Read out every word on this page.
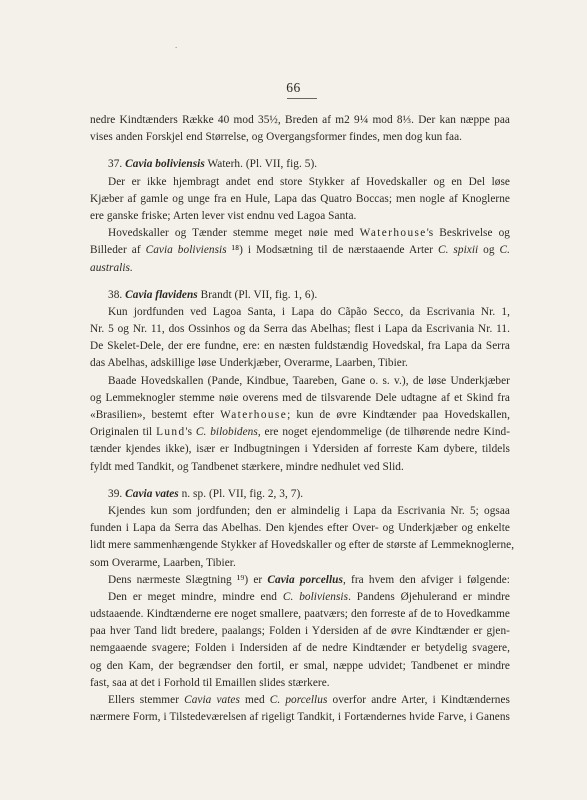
.
66
nedre Kindtænders Række 40 mod 35½, Breden af m2 9¼ mod 8⅓. Der kan næppe paa
vises anden Forskjel end Størrelse, og Overgangsformer findes, men dog kun faa.
37. Cavia boliviensis Waterh. (Pl. VII, fig. 5).
Der er ikke hjembragt andet end store Stykker af Hovedskaller og en Del løse
Kjæber af gamle og unge fra en Hule, Lapa das Quatro Boccas; men nogle af Knoglerne
ere ganske friske; Arten lever vist endnu ved Lagoa Santa.
Hovedskaller og Tænder stemme meget nøie med Waterhouse's Beskrivelse og
Billeder af Cavia boliviensis ¹⁸) i Modsætning til de nærstaaende Arter C. spixii og C.
australis.
38. Cavia flavidens Brandt (Pl. VII, fig. 1, 6).
Kun jordfunden ved Lagoa Santa, i Lapa do Cãpão Secco, da Escrivania Nr. 1,
Nr. 5 og Nr. 11, dos Ossinhos og da Serra das Abelhas; flest i Lapa da Escrivania Nr. 11.
De Skelet-Dele, der ere fundne, ere: en næsten fuldstændig Hovedskal, fra Lapa da Serra
das Abelhas, adskillige løse Underkjæber, Overarme, Laarben, Tibier.
Baade Hovedskallen (Pande, Kindbue, Taareben, Gane o. s. v.), de løse Underkjæber
og Lemmeknogler stemme nøie overens med de tilsvarende Dele udtagne af et Skind fra
«Brasilien», bestemt efter Waterhouse; kun de øvre Kindtænder paa Hovedskallen,
Originalen til Lund's C. bilobidens, ere noget ejendommelige (de tilhørende nedre Kind-
tænder kjendes ikke), især er Indbugtningen i Ydersiden af forreste Kam dybere, tildels
fyldt med Tandkit, og Tandbenet stærkere, mindre nedhulet ved Slid.
39. Cavia vates n. sp. (Pl. VII, fig. 2, 3, 7).
Kjendes kun som jordfunden; den er almindelig i Lapa da Escrivania Nr. 5; ogsaa
funden i Lapa da Serra das Abelhas. Den kjendes efter Over- og Underkjæber og enkelte
lidt mere sammenhængende Stykker af Hovedskaller og efter de største af Lemmeknoglerne,
som Overarme, Laarben, Tibier.
Dens nærmeste Slægtning ¹⁹) er Cavia porcellus, fra hvem den afviger i følgende:
Den er meget mindre, mindre end C. boliviensis. Pandens Øjehulerand er mindre
udstaaende. Kindtænderne ere noget smallere, paatværs; den forreste af de to Hovedkamme
paa hver Tand lidt bredere, paalangs; Folden i Ydersiden af de øvre Kindtænder er gjen-
nemgaaende svagere; Folden i Indersiden af de nedre Kindtænder er betydelig svagere,
og den Kam, der begrændser den fortil, er smal, næppe udvidet; Tandbenet er mindre
fast, saa at det i Forhold til Emaillen slides stærkere.
Ellers stemmer Cavia vates med C. porcellus overfor andre Arter, i Kindtændernes
nærmere Form, i Tilstedeværelsen af rigeligt Tandkit, i Fortændernes hvide Farve, i Ganens
